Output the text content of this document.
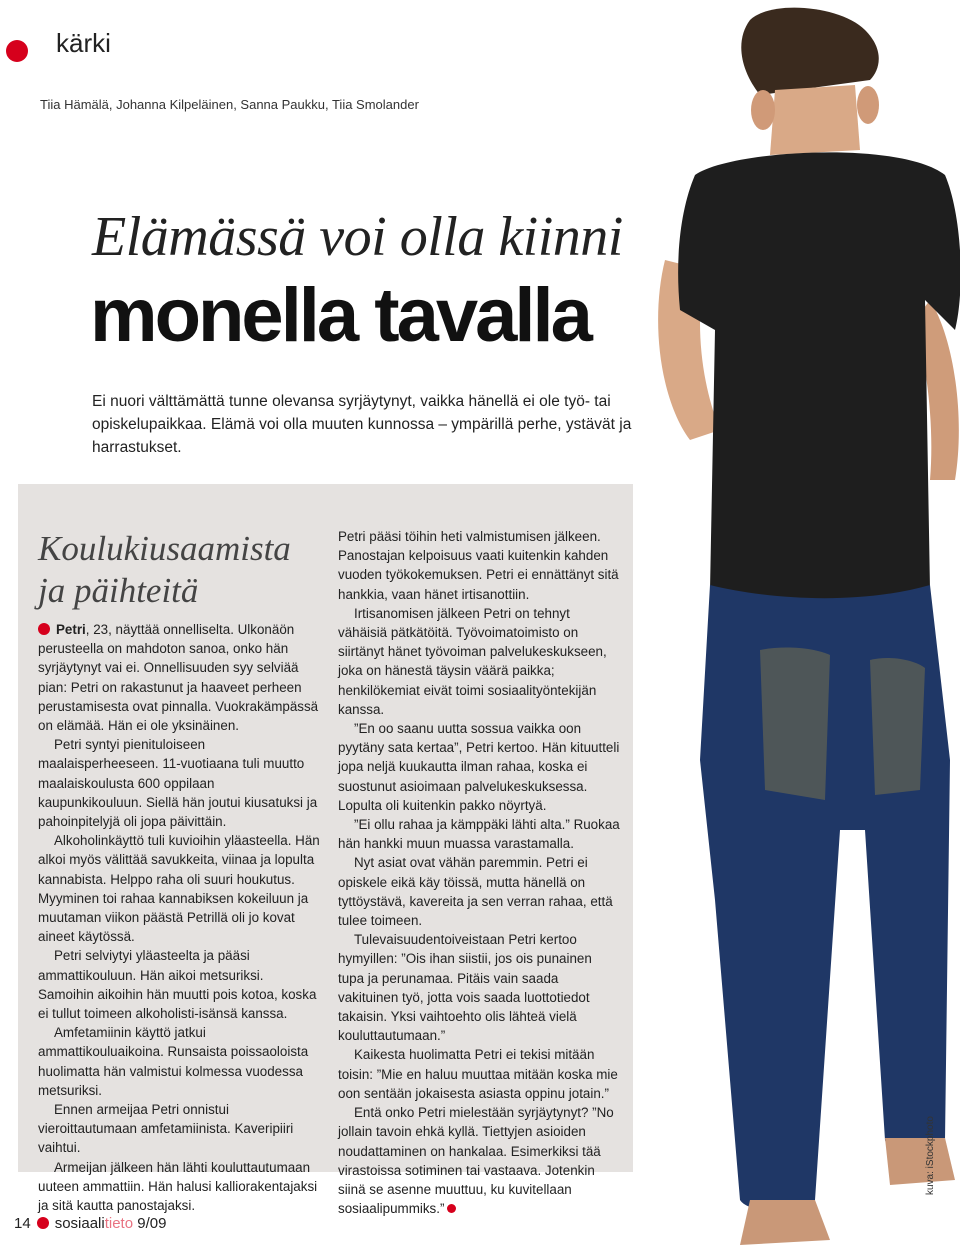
kärki
Tiia Hämälä, Johanna Kilpeläinen, Sanna Paukku, Tiia Smolander
Elämässä voi olla kiinni
monella tavalla
Ei nuori välttämättä tunne olevansa syrjäytynyt, vaikka hänellä ei ole työ- tai opiskelupaikkaa. Elämä voi olla muuten kunnossa – ympärillä perhe, ystävät ja harrastukset.
Koulukiusaamista
ja päihteitä

Petri, 23, näyttää onnelliselta. Ulkonäön perusteella on mahdoton sanoa, onko hän syrjäytynyt vai ei. Onnellisuuden syy selviää pian: Petri on rakastunut ja haaveet perheen perustamisesta ovat pinnalla. Vuokrakämpässä on elämää. Hän ei ole yksinäinen.

Petri syntyi pienituloiseen maalaisperheeseen. 11-vuotiaana tuli muutto maalaiskoulusta 600 oppilaan kaupunkikouluun. Siellä hän joutui kiusatuksi ja pahoinpitelyjä oli jopa päivittäin.

Alkoholinkäyttö tuli kuvioihin yläasteella. Hän alkoi myös välittää savukkeita, viinaa ja lopulta kannabista. Helppo raha oli suuri houkutus. Myyminen toi rahaa kannabiksen kokeiluun ja muutaman viikon päästä Petrillä oli jo kovat aineet käytössä.

Petri selviytyi yläasteelta ja pääsi ammattikouluun. Hän aikoi metsuriksi. Samoihin aikoihin hän muutti pois kotoa, koska ei tullut toimeen alkoholisti-isänsä kanssa.

Amfetamiinin käyttö jatkui ammattikouluaikoina. Runsaista poissaoloista huolimatta hän valmistui kolmessa vuodessa metsuriksi.

Ennen armeijaa Petri onnistui vieroittautumaan amfetamiinista. Kaveripiiri vaihtui.

Armeijan jälkeen hän lähti kouluttautumaan uuteen ammattiin. Hän halusi kalliorakentajaksi ja sitä kautta panostajaksi.

Petri pääsi töihin heti valmistumisen jälkeen. Panostajan kelpoisuus vaati kuitenkin kahden vuoden työkokemuksen. Petri ei ennättänyt sitä hankkia, vaan hänet irtisanottiin.

Irtisanomisen jälkeen Petri on tehnyt vähäisiä pätkätöitä. Työvoimatoimisto on siirtänyt hänet työvoiman palvelukeskukseen, joka on hänestä täysin väärä paikka; henkilökemiat eivät toimi sosiaalityöntekijän kanssa.

”En oo saanu uutta sossua vaikka oon pyytäny sata kertaa”, Petri kertoo. Hän kituutteli jopa neljä kuukautta ilman rahaa, koska ei suostunut asioimaan palvelukeskuksessa. Lopulta oli kuitenkin pakko nöyrtyä.

”Ei ollu rahaa ja kämppäki lähti alta.” Ruokaa hän hankki muun muassa varastamalla.

Nyt asiat ovat vähän paremmin. Petri ei opiskele eikä käy töissä, mutta hänellä on tyttöystävä, kavereita ja sen verran rahaa, että tulee toimeen.

Tulevaisuudentoiveistaan Petri kertoo hymyillen: ”Ois ihan siistii, jos ois punainen tupa ja perunamaa. Pitäis vain saada vakituinen työ, jotta vois saada luottotiedot takaisin. Yksi vaihtoehto olis lähteä vielä kouluttautumaan.”

Kaikesta huolimatta Petri ei tekisi mitään toisin: ”Mie en haluu muuttaa mitään koska mie oon sentään jokaisesta asiasta oppinu jotain.”

Entä onko Petri mielestään syrjäytynyt? ”No jollain tavoin ehkä kyllä. Tiettyjen asioiden noudattaminen on hankalaa. Esimerkiksi tää virastoissa sotiminen tai vastaava. Jotenkin siinä se asenne muuttuu, ku kuvitellaan sosiaalipummiks.”

kuva: iStockphoto
14 sosiaalitieto 9/09
